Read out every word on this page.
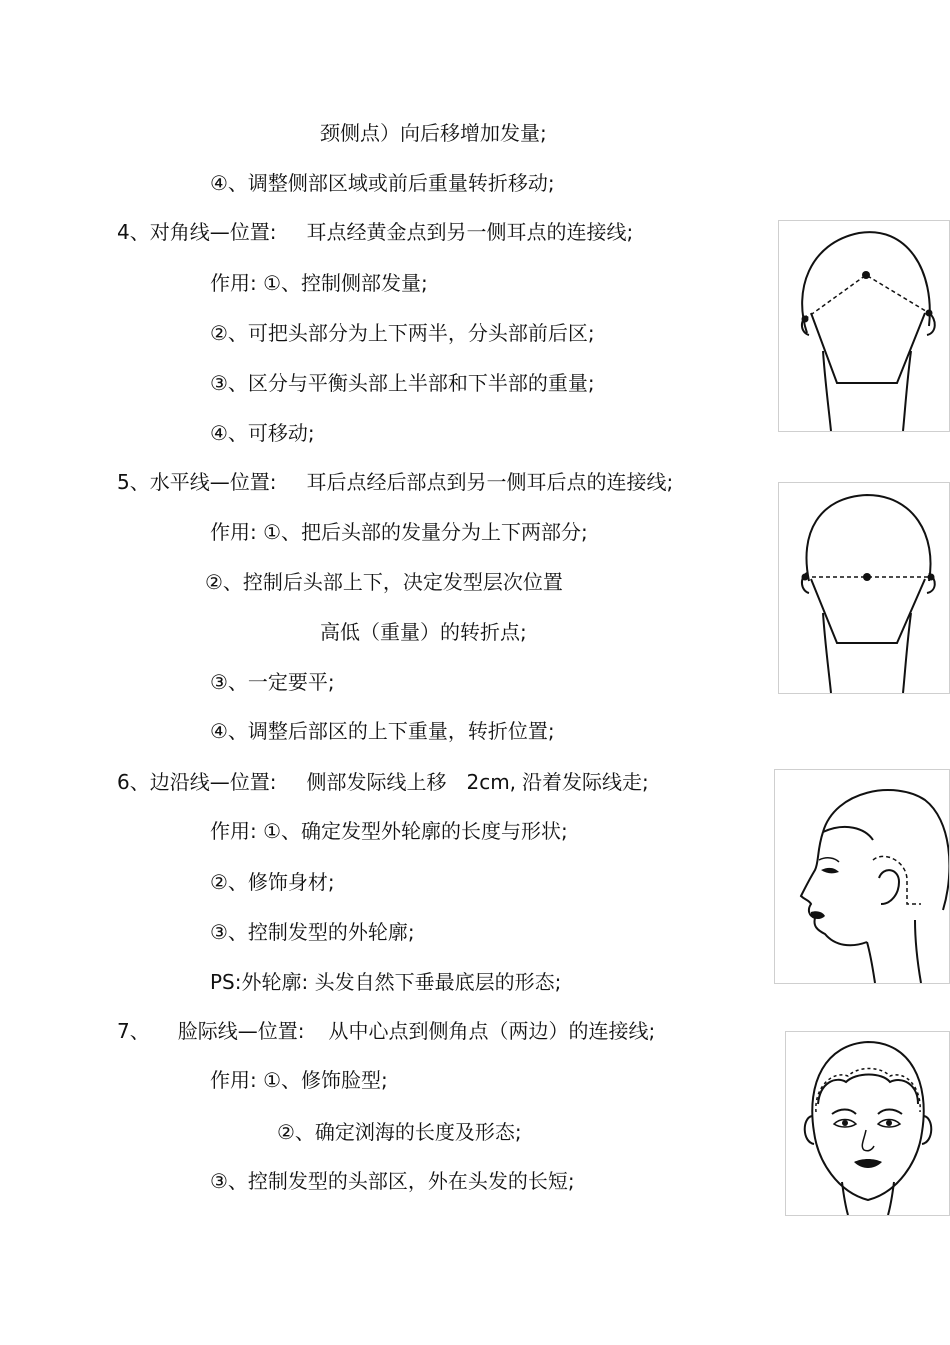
颈侧点）向后移增加发量;
④、调整侧部区域或前后重量转折移动;
4、对角线—位置: 耳点经黄金点到另一侧耳点的连接线;
作用: ①、控制侧部发量;
②、可把头部分为上下两半，分头部前后区;
③、区分与平衡头部上半部和下半部的重量;
④、可移动;
5、水平线—位置: 耳后点经后部点到另一侧耳后点的连接线;
作用: ①、把后头部的发量分为上下两部分;
②、控制后头部上下，决定发型层次位置
高低（重量）的转折点;
③、一定要平;
④、调整后部区的上下重量，转折位置;
6、边沿线—位置: 侧部发际线上移 2cm, 沿着发际线走;
作用: ①、确定发型外轮廓的长度与形状;
②、修饰身材;
③、控制发型的外轮廓;
PS:外轮廓: 头发自然下垂最底层的形态;
7、 脸际线—位置: 从中心点到侧角点（两边）的连接线;
作用: ①、修饰脸型;
②、确定浏海的长度及形态;
③、控制发型的头部区，外在头发的长短;
